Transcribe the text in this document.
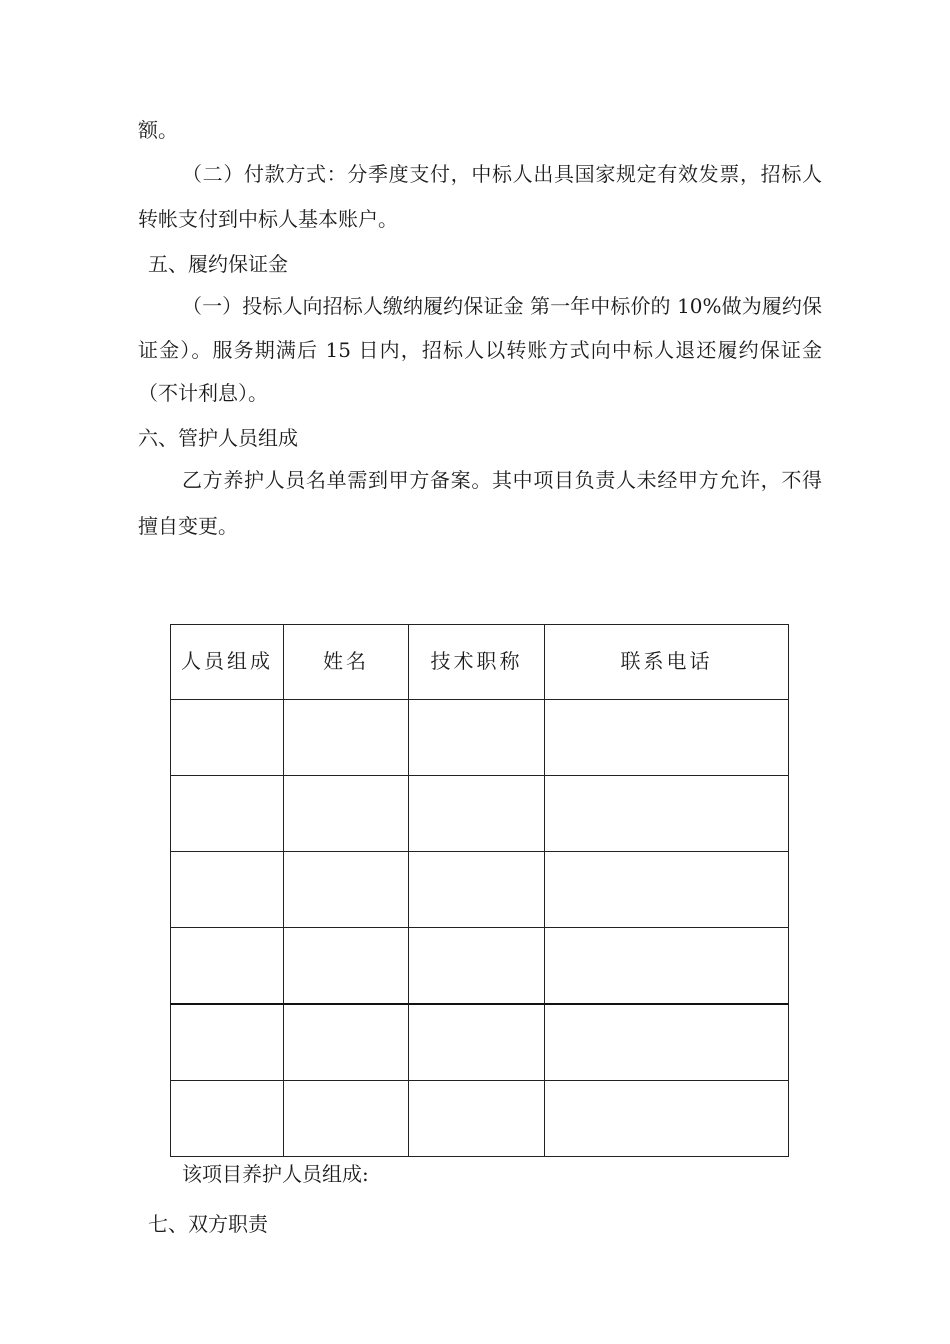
额。
（二）付款方式：分季度支付，中标人出具国家规定有效发票，招标人
转帐支付到中标人基本账户。
五、履约保证金
（一）投标人向招标人缴纳履约保证金 第一年中标价的 10%做为履约保
证金）。服务期满后 15 日内，招标人以转账方式向中标人退还履约保证金
（不计利息）。
六、管护人员组成
乙方养护人员名单需到甲方备案。其中项目负责人未经甲方允许，不得
擅自变更。
人员组成	姓名	技术职称	联系电话

该项目养护人员组成:
七、双方职责
